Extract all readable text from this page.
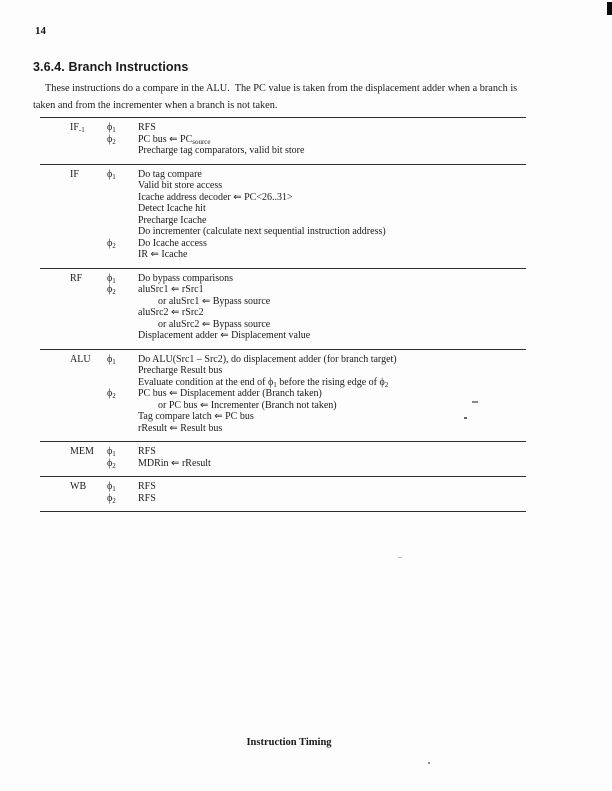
14
3.6.4. Branch Instructions
These instructions do a compare in the ALU.  The PC value is taken from the displacement adder when a branch is
taken and from the incrementer when a branch is not taken.
$IF_{-1}$	$\phi_1$	RFS
$\phi_2$	PC bus ⇐ $PC_{source}$
Precharge tag comparators, valid bit store
IF	$\phi_1$	Do tag compare
Valid bit store access
Icache address decoder ⇐ PC<26..31>
Detect Icache hit
Precharge Icache
Do incrementer (calculate next sequential instruction address)
$\phi_2$	Do Icache access
IR ⇐ Icache
RF	$\phi_1$	Do bypass comparisons
$\phi_2$	aluSrc1 ⇐ rSrc1
or aluSrc1 ⇐ Bypass source
aluSrc2 ⇐ rSrc2
or aluSrc2 ⇐ Bypass source
Displacement adder ⇐ Displacement value
ALU	$\phi_1$	Do ALU(Src1 – Src2), do displacement adder (for branch target)
Precharge Result bus
Evaluate condition at the end of $\phi_1$ before the rising edge of $\phi_2$
$\phi_2$	PC bus ⇐ Displacement adder (Branch taken)
or PC bus ⇐ Incrementer (Branch not taken)
Tag compare latch ⇐ PC bus
rResult ⇐ Result bus
MEM	$\phi_1$	RFS
$\phi_2$	MDRin ⇐ rResult
WB	$\phi_1$	RFS
$\phi_2$	RFS
Instruction Timing
